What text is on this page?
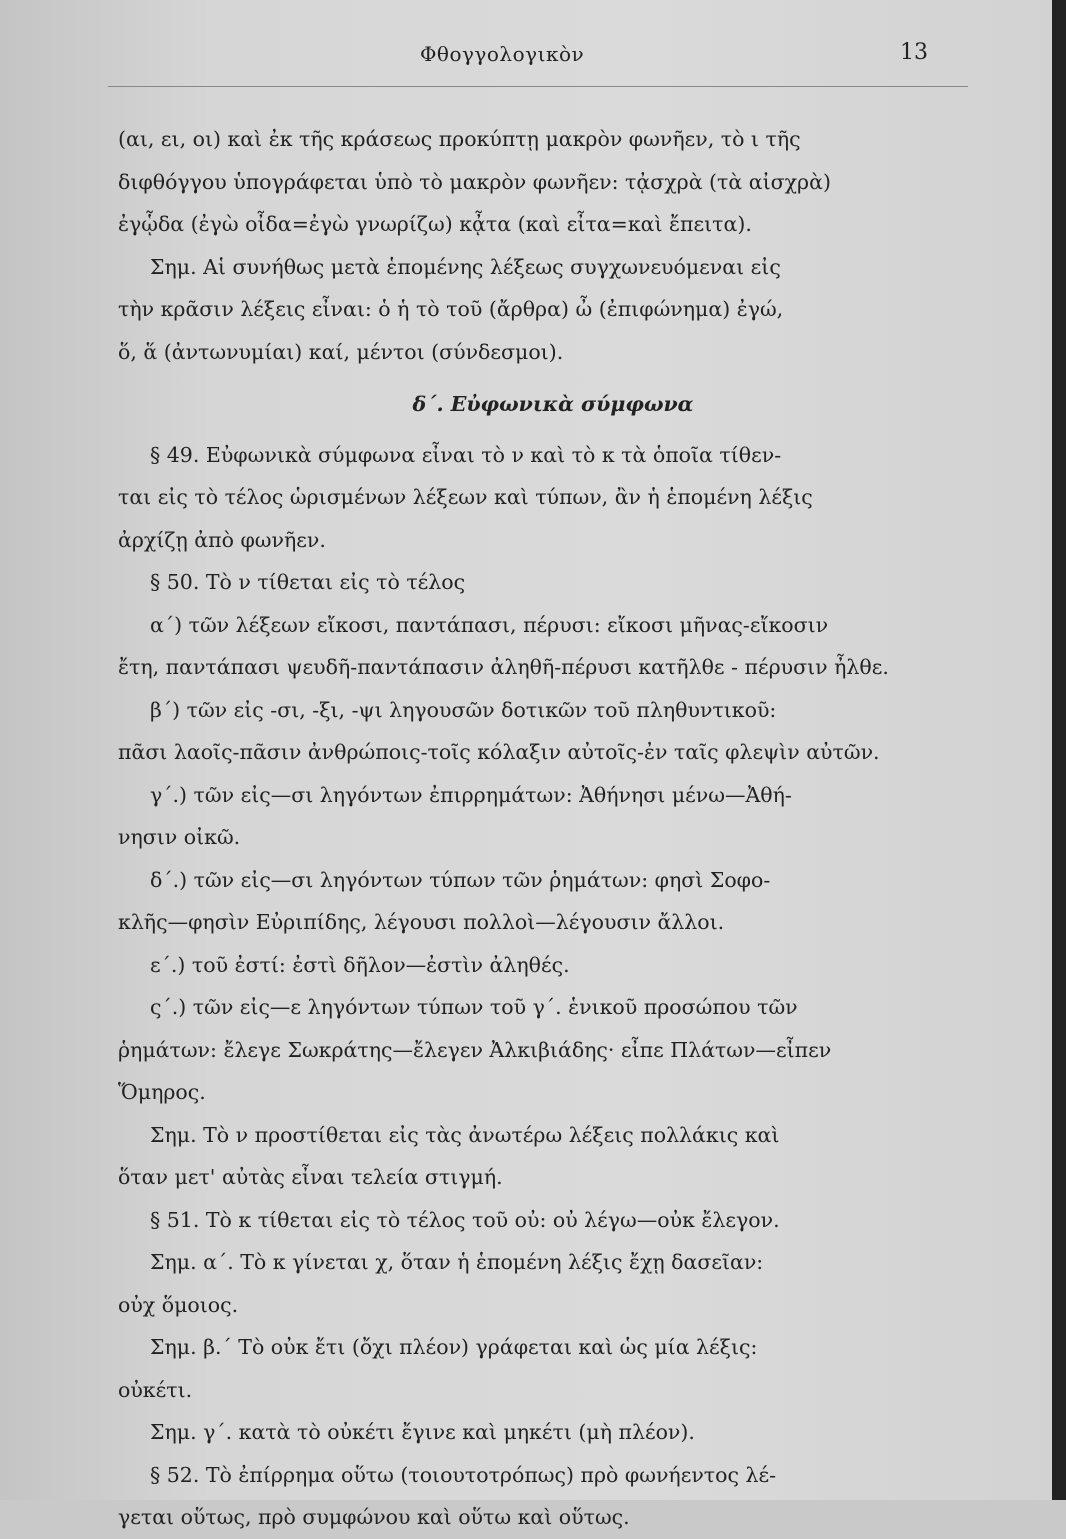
Φθογγολογικὸν	13
(αι, ει, οι) καὶ ἐκ τῆς κράσεως προκύπτῃ μακρὸν φωνῆεν, τὸ ι τῆς
διφθόγγου ὑπογράφεται ὑπὸ τὸ μακρὸν φωνῆεν: τᾀσχρὰ (τὰ αἰσχρὰ)
ἐγᾧδα (ἐγὼ οἶδα=ἐγὼ γνωρίζω) κᾆτα (καὶ εἶτα=καὶ ἔπειτα).
Σημ. Αἱ συνήθως μετὰ ἑπομένης λέξεως συγχωνευόμεναι εἰς
τὴν κρᾶσιν λέξεις εἶναι: ὁ ἡ τὸ τοῦ (ἄρθρα) ὦ (ἐπιφώνημα) ἐγώ,
ὅ, ἅ (ἀντωνυμίαι) καί, μέντοι (σύνδεσμοι).
δ΄. Εὐφωνικὰ σύμφωνα
§ 49. Εὐφωνικὰ σύμφωνα εἶναι τὸ ν καὶ τὸ κ τὰ ὁποῖα τίθεν-
ται εἰς τὸ τέλος ὡρισμένων λέξεων καὶ τύπων, ἂν ἡ ἑπομένη λέξις
ἀρχίζῃ ἀπὸ φωνῆεν.
§ 50. Τὸ ν τίθεται εἰς τὸ τέλος
α΄) τῶν λέξεων εἴκοσι, παντάπασι, πέρυσι: εἴκοσι μῆνας-εἴκοσιν
ἔτη, παντάπασι ψευδῆ-παντάπασιν ἀληθῆ-πέρυσι κατῆλθε - πέρυσιν ἦλθε.
β΄) τῶν εἰς -σι, -ξι, -ψι ληγουσῶν δοτικῶν τοῦ πληθυντικοῦ:
πᾶσι λαοῖς-πᾶσιν ἀνθρώποις-τοῖς κόλαξιν αὐτοῖς-ἐν ταῖς φλεψὶν αὐτῶν.
γ΄.) τῶν εἰς—σι ληγόντων ἐπιρρημάτων: Ἀθήνησι μένω—Ἀθή-
νησιν οἰκῶ.
δ΄.) τῶν εἰς—σι ληγόντων τύπων τῶν ῥημάτων: φησὶ Σοφο-
κλῆς—φησὶν Εὐριπίδης, λέγουσι πολλοὶ—λέγουσιν ἄλλοι.
ε΄.) τοῦ ἐστί: ἐστὶ δῆλον—ἐστὶν ἀληθές.
ς΄.) τῶν εἰς—ε ληγόντων τύπων τοῦ γ΄. ἑνικοῦ προσώπου τῶν
ῥημάτων: ἔλεγε Σωκράτης—ἔλεγεν Ἀλκιβιάδης· εἶπε Πλάτων—εἶπεν
Ὅμηρος.
Σημ. Τὸ ν προστίθεται εἰς τὰς ἀνωτέρω λέξεις πολλάκις καὶ
ὅταν μετ' αὐτὰς εἶναι τελεία στιγμή.
§ 51. Τὸ κ τίθεται εἰς τὸ τέλος τοῦ οὐ: οὐ λέγω—οὐκ ἔλεγον.
Σημ. α΄. Τὸ κ γίνεται χ, ὅταν ἡ ἑπομένη λέξις ἔχῃ δασεῖαν:
οὐχ ὅμοιος.
Σημ. β.΄ Τὸ οὐκ ἔτι (ὄχι πλέον) γράφεται καὶ ὡς μία λέξις:
οὐκέτι.
Σημ. γ΄. κατὰ τὸ οὐκέτι ἔγινε καὶ μηκέτι (μὴ πλέον).
§ 52. Τὸ ἐπίρρημα οὕτω (τοιουτοτρόπως) πρὸ φωνήεντος λέ-
γεται οὕτως, πρὸ συμφώνου καὶ οὕτω καὶ οὕτως.
